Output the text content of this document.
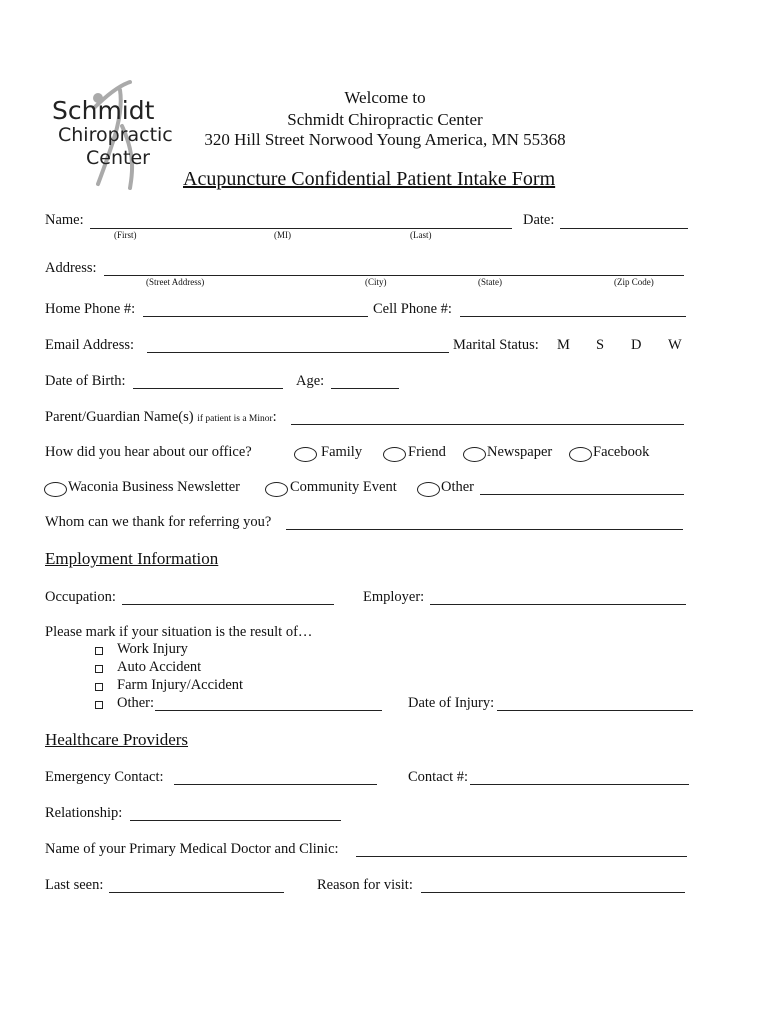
Schmidt
Chiropractic
Center
Welcome to
Schmidt Chiropractic Center
320 Hill Street Norwood Young America, MN 55368
Acupuncture Confidential Patient Intake Form
Name:
(First)	(MI)	(Last)
Date:
Address:
(Street Address)	(City)	(State)	(Zip Code)
Home Phone #:	Cell Phone #:
Email Address:	Marital Status: M S D W
Date of Birth:	Age:
Parent/Guardian Name(s) if patient is a Minor:
How did you hear about our office?	Family	Friend	Newspaper	Facebook
Waconia Business Newsletter	Community Event	Other
Whom can we thank for referring you?
Employment Information
Occupation:	Employer:
Please mark if your situation is the result of…
Work Injury
Auto Accident
Farm Injury/Accident
Other:	Date of Injury:
Healthcare Providers
Emergency Contact:	Contact #:
Relationship:
Name of your Primary Medical Doctor and Clinic:
Last seen:	Reason for visit:
